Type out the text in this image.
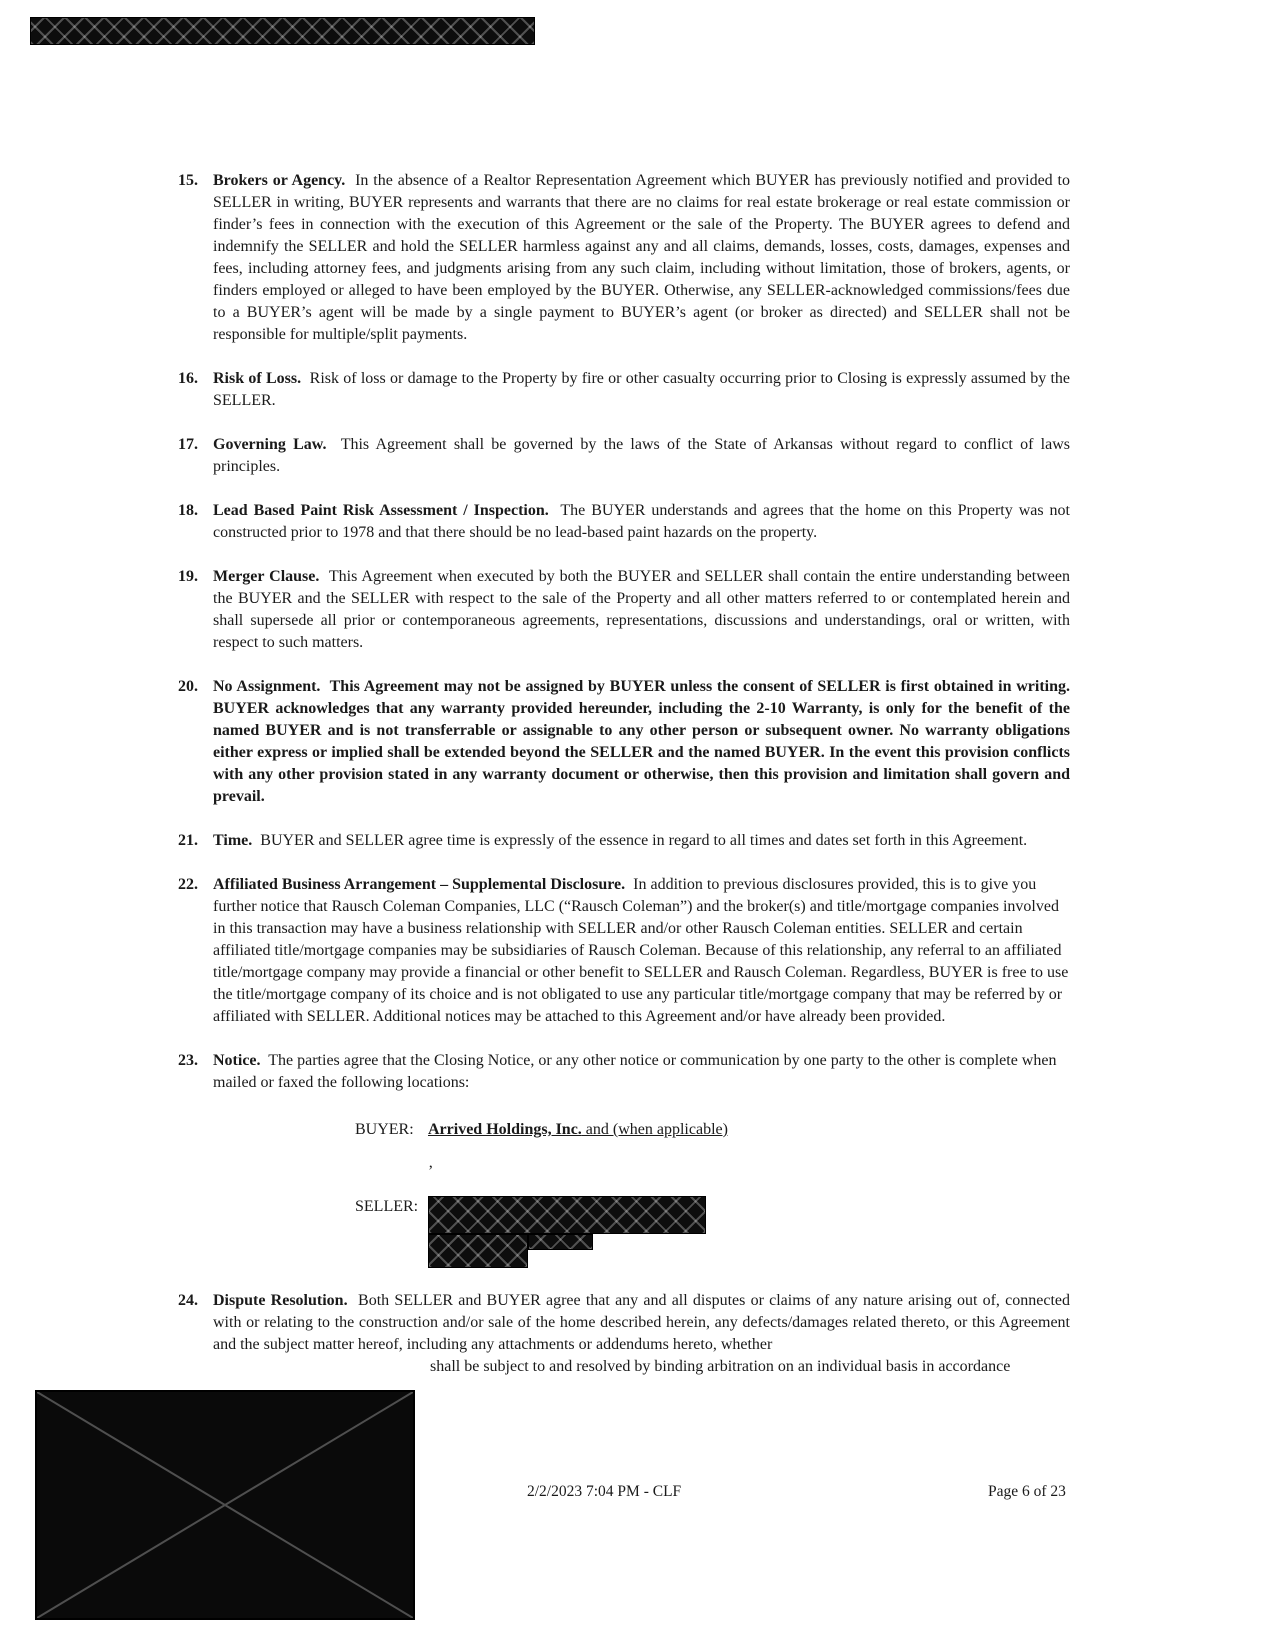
15. Brokers or Agency. In the absence of a Realtor Representation Agreement which BUYER has previously notified and provided to SELLER in writing, BUYER represents and warrants that there are no claims for real estate brokerage or real estate commission or finder’s fees in connection with the execution of this Agreement or the sale of the Property. The BUYER agrees to defend and indemnify the SELLER and hold the SELLER harmless against any and all claims, demands, losses, costs, damages, expenses and fees, including attorney fees, and judgments arising from any such claim, including without limitation, those of brokers, agents, or finders employed or alleged to have been employed by the BUYER. Otherwise, any SELLER-acknowledged commissions/fees due to a BUYER’s agent will be made by a single payment to BUYER’s agent (or broker as directed) and SELLER shall not be responsible for multiple/split payments.
16. Risk of Loss. Risk of loss or damage to the Property by fire or other casualty occurring prior to Closing is expressly assumed by the SELLER.
17. Governing Law. This Agreement shall be governed by the laws of the State of Arkansas without regard to conflict of laws principles.
18. Lead Based Paint Risk Assessment / Inspection. The BUYER understands and agrees that the home on this Property was not constructed prior to 1978 and that there should be no lead-based paint hazards on the property.
19. Merger Clause. This Agreement when executed by both the BUYER and SELLER shall contain the entire understanding between the BUYER and the SELLER with respect to the sale of the Property and all other matters referred to or contemplated herein and shall supersede all prior or contemporaneous agreements, representations, discussions and understandings, oral or written, with respect to such matters.
20. No Assignment. This Agreement may not be assigned by BUYER unless the consent of SELLER is first obtained in writing. BUYER acknowledges that any warranty provided hereunder, including the 2-10 Warranty, is only for the benefit of the named BUYER and is not transferrable or assignable to any other person or subsequent owner. No warranty obligations either express or implied shall be extended beyond the SELLER and the named BUYER. In the event this provision conflicts with any other provision stated in any warranty document or otherwise, then this provision and limitation shall govern and prevail.
21. Time. BUYER and SELLER agree time is expressly of the essence in regard to all times and dates set forth in this Agreement.
22. Affiliated Business Arrangement – Supplemental Disclosure. In addition to previous disclosures provided, this is to give you further notice that Rausch Coleman Companies, LLC (“Rausch Coleman”) and the broker(s) and title/mortgage companies involved in this transaction may have a business relationship with SELLER and/or other Rausch Coleman entities. SELLER and certain affiliated title/mortgage companies may be subsidiaries of Rausch Coleman. Because of this relationship, any referral to an affiliated title/mortgage company may provide a financial or other benefit to SELLER and Rausch Coleman. Regardless, BUYER is free to use the title/mortgage company of its choice and is not obligated to use any particular title/mortgage company that may be referred by or affiliated with SELLER. Additional notices may be attached to this Agreement and/or have already been provided.
23. Notice. The parties agree that the Closing Notice, or any other notice or communication by one party to the other is complete when mailed or faxed the following locations:
BUYER: Arrived Holdings, Inc. and (when applicable)
’
SELLER:
24. Dispute Resolution. Both SELLER and BUYER agree that any and all disputes or claims of any nature arising out of, connected with or relating to the construction and/or sale of the home described herein, any defects/damages related thereto, or this Agreement and the subject matter hereof, including any attachments or addendums hereto, whether
shall be subject to and resolved by binding arbitration on an individual basis in accordance
2/2/2023 7:04 PM - CLF	Page 6 of 23
